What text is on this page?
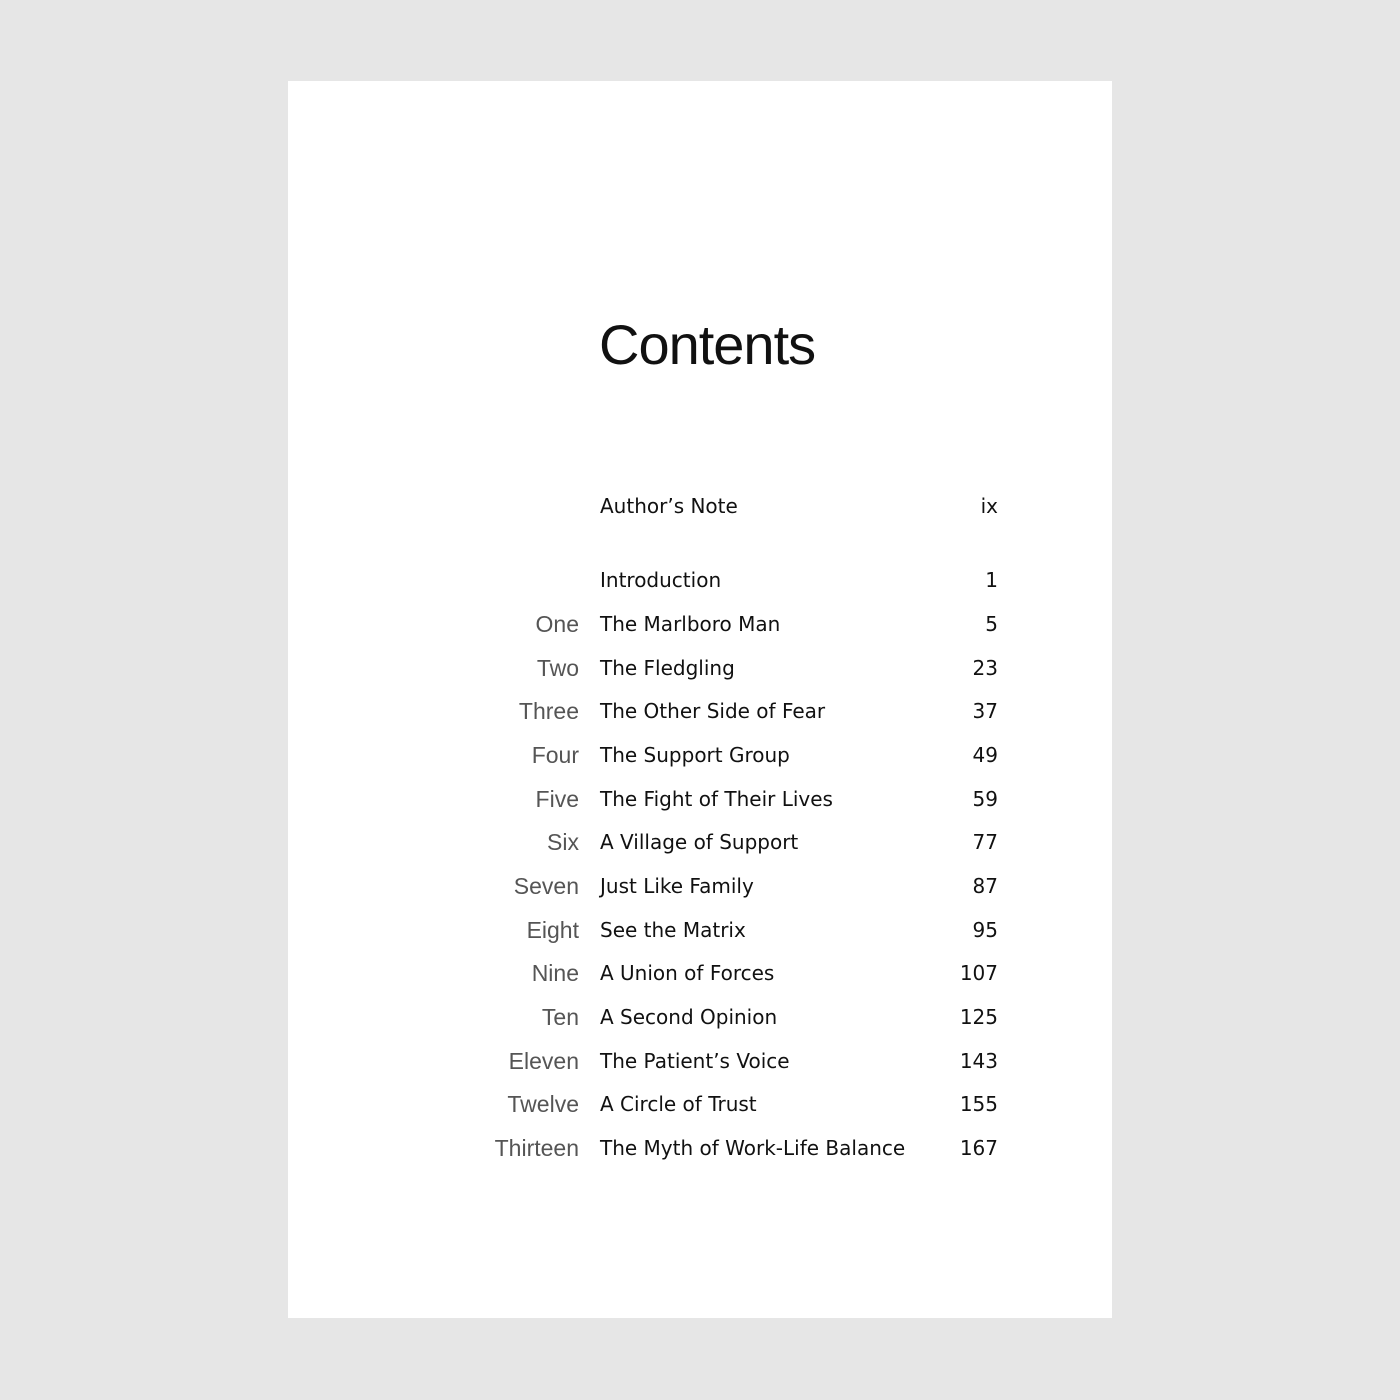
Contents
Author’s Note	ix
Introduction	1
One The Marlboro Man	5
Two The Fledgling	23
Three The Other Side of Fear	37
Four The Support Group	49
Five The Fight of Their Lives	59
Six A Village of Support	77
Seven Just Like Family	87
Eight See the Matrix	95
Nine A Union of Forces	107
Ten A Second Opinion	125
Eleven The Patient’s Voice	143
Twelve A Circle of Trust	155
Thirteen The Myth of Work-Life Balance	167
